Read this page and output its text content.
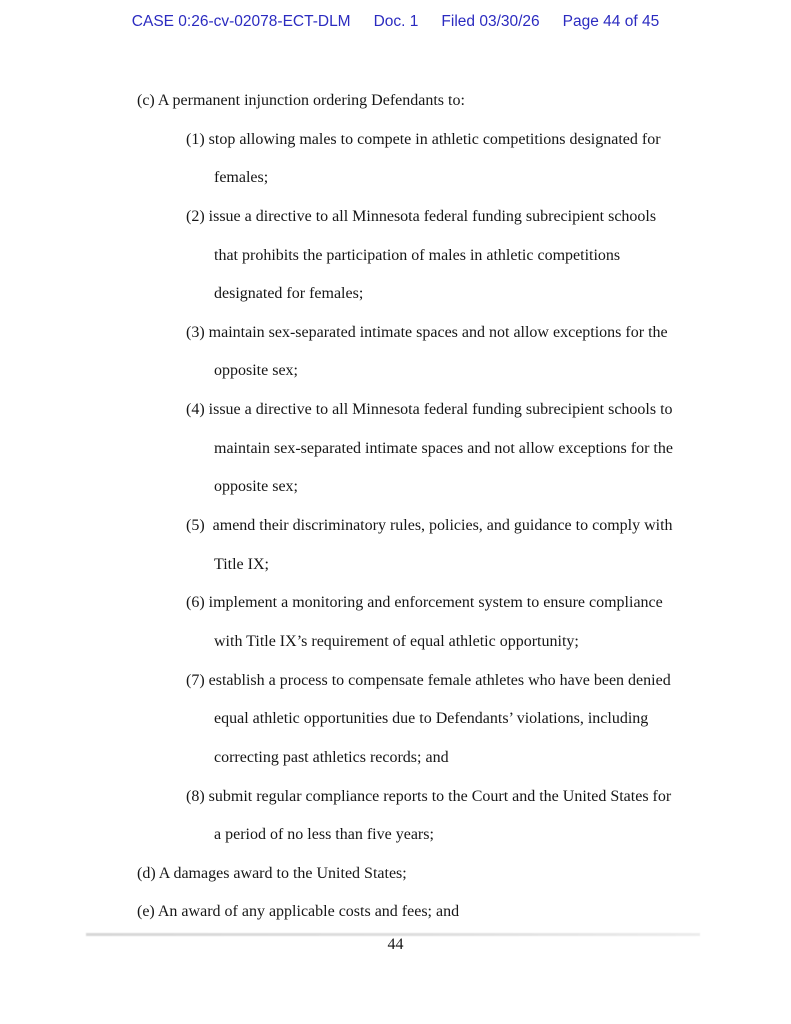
CASE 0:26-cv-02078-ECT-DLM Doc. 1 Filed 03/30/26 Page 44 of 45
(c) A permanent injunction ordering Defendants to:
(1) stop allowing males to compete in athletic competitions designated for
females;
(2) issue a directive to all Minnesota federal funding subrecipient schools
that prohibits the participation of males in athletic competitions
designated for females;
(3) maintain sex-separated intimate spaces and not allow exceptions for the
opposite sex;
(4) issue a directive to all Minnesota federal funding subrecipient schools to
maintain sex-separated intimate spaces and not allow exceptions for the
opposite sex;
(5)  amend their discriminatory rules, policies, and guidance to comply with
Title IX;
(6) implement a monitoring and enforcement system to ensure compliance
with Title IX’s requirement of equal athletic opportunity;
(7) establish a process to compensate female athletes who have been denied
equal athletic opportunities due to Defendants’ violations, including
correcting past athletics records; and
(8) submit regular compliance reports to the Court and the United States for
a period of no less than five years;
(d) A damages award to the United States;
(e) An award of any applicable costs and fees; and
44
